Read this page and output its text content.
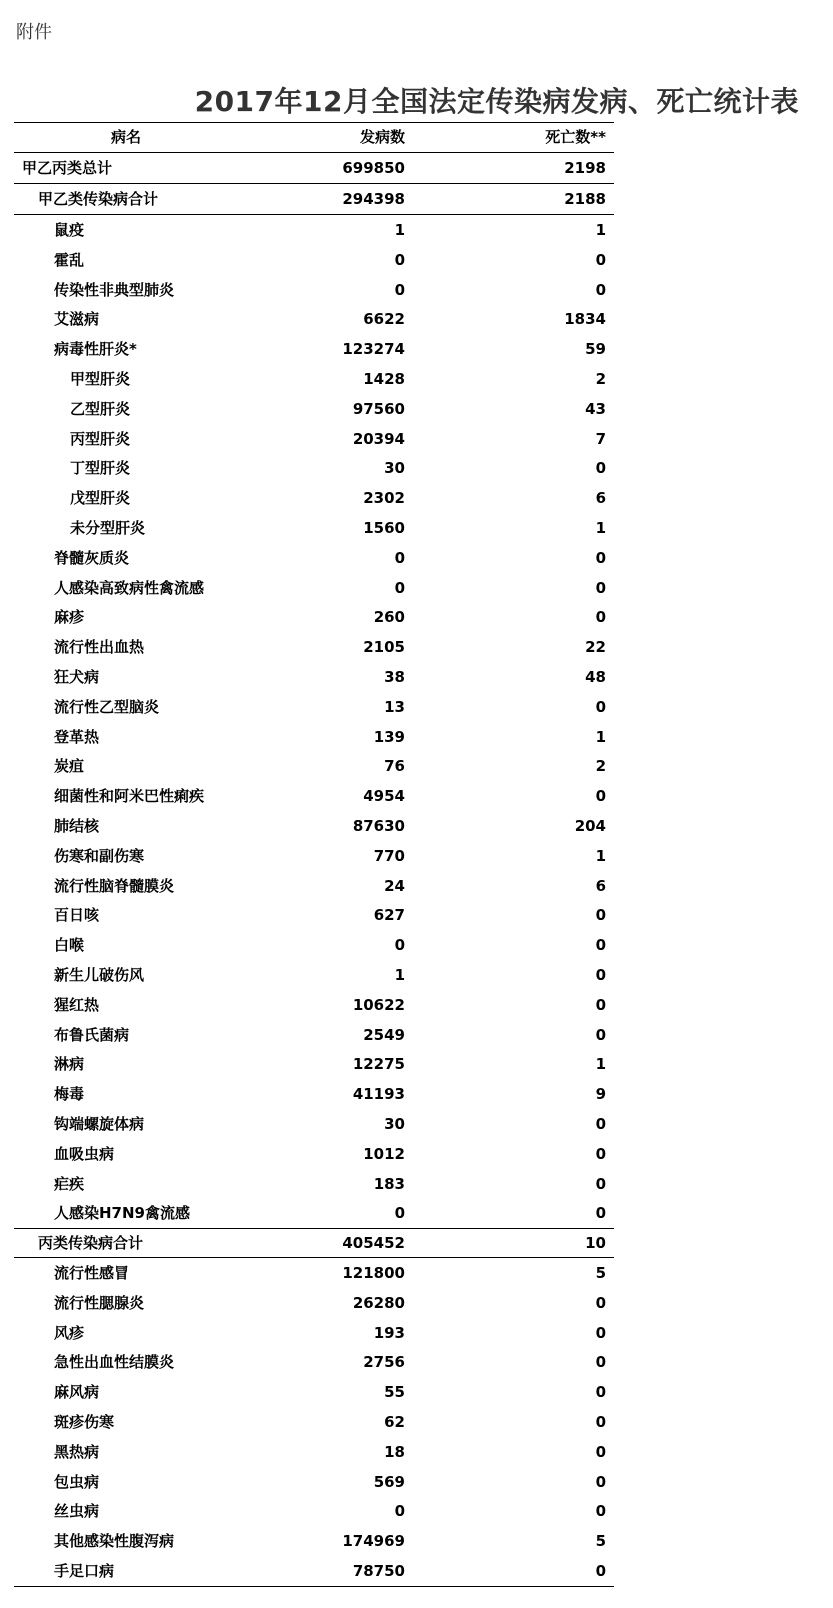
附件
2017年12月全国法定传染病发病、死亡统计表
病名	发病数	死亡数**
甲乙丙类总计	699850	2198
甲乙类传染病合计	294398	2188
鼠疫	1	1
霍乱	0	0
传染性非典型肺炎	0	0
艾滋病	6622	1834
病毒性肝炎*	123274	59
甲型肝炎	1428	2
乙型肝炎	97560	43
丙型肝炎	20394	7
丁型肝炎	30	0
戊型肝炎	2302	6
未分型肝炎	1560	1
脊髓灰质炎	0	0
人感染高致病性禽流感	0	0
麻疹	260	0
流行性出血热	2105	22
狂犬病	38	48
流行性乙型脑炎	13	0
登革热	139	1
炭疽	76	2
细菌性和阿米巴性痢疾	4954	0
肺结核	87630	204
伤寒和副伤寒	770	1
流行性脑脊髓膜炎	24	6
百日咳	627	0
白喉	0	0
新生儿破伤风	1	0
猩红热	10622	0
布鲁氏菌病	2549	0
淋病	12275	1
梅毒	41193	9
钩端螺旋体病	30	0
血吸虫病	1012	0
疟疾	183	0
人感染H7N9禽流感	0	0
丙类传染病合计	405452	10
流行性感冒	121800	5
流行性腮腺炎	26280	0
风疹	193	0
急性出血性结膜炎	2756	0
麻风病	55	0
斑疹伤寒	62	0
黑热病	18	0
包虫病	569	0
丝虫病	0	0
其他感染性腹泻病	174969	5
手足口病	78750	0
